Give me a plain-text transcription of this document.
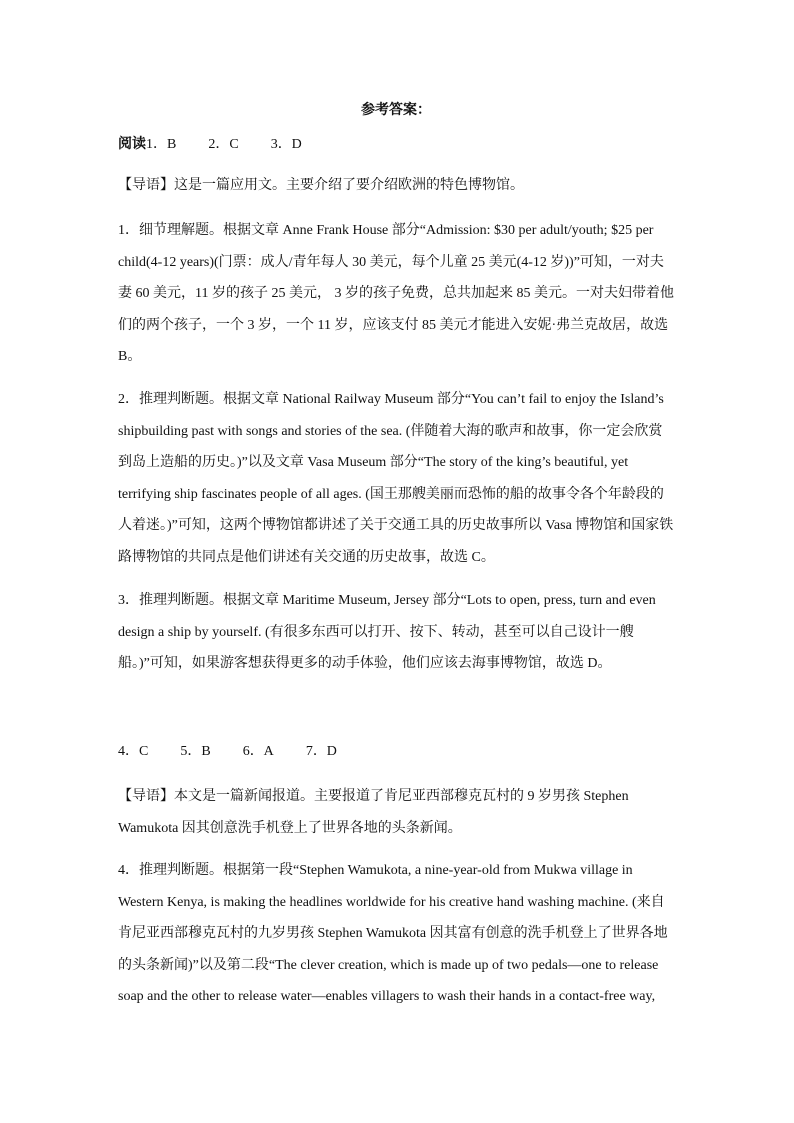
参考答案：
阅读1．B 2．C 3．D

【导语】这是一篇应用文。主要介绍了要介绍欧洲的特色博物馆。

1．细节理解题。根据文章 Anne Frank House 部分“Admission: $30 per adult/youth; $25 per child(4-12 years)(门票：成人/青年每人 30 美元，每个儿童 25 美元(4-12 岁))”可知，一对夫妻 60 美元，11 岁的孩子 25 美元， 3 岁的孩子免费，总共加起来 85 美元。一对夫妇带着他们的两个孩子，一个 3 岁，一个 11 岁，应该支付 85 美元才能进入安妮·弗兰克故居，故选 B。

2．推理判断题。根据文章 National Railway Museum 部分“You can’t fail to enjoy the Island’s shipbuilding past with songs and stories of the sea. (伴随着大海的歌声和故事，你一定会欣赏到岛上造船的历史。)”以及文章 Vasa Museum 部分“The story of the king’s beautiful, yet terrifying ship fascinates people of all ages. (国王那艘美丽而恐怖的船的故事令各个年龄段的人着迷。)”可知，这两个博物馆都讲述了关于交通工具的历史故事所以 Vasa 博物馆和国家铁路博物馆的共同点是他们讲述有关交通的历史故事，故选 C。

3．推理判断题。根据文章 Maritime Museum, Jersey 部分“Lots to open, press, turn and even design a ship by yourself. (有很多东西可以打开、按下、转动，甚至可以自己设计一艘船。)”可知，如果游客想获得更多的动手体验，他们应该去海事博物馆，故选 D。

4．C 5．B 6．A 7．D

【导语】本文是一篇新闻报道。主要报道了肯尼亚西部穆克瓦村的 9 岁男孩 Stephen Wamukota 因其创意洗手机登上了世界各地的头条新闻。

4．推理判断题。根据第一段“Stephen Wamukota, a nine-year-old from Mukwa village in Western Kenya, is making the headlines worldwide for his creative hand washing machine. (来自肯尼亚西部穆克瓦村的九岁男孩 Stephen Wamukota 因其富有创意的洗手机登上了世界各地的头条新闻)”以及第二段“The clever creation, which is made up of two pedals—one to release soap and the other to release water—enables villagers to wash their hands in a contact-free way,
